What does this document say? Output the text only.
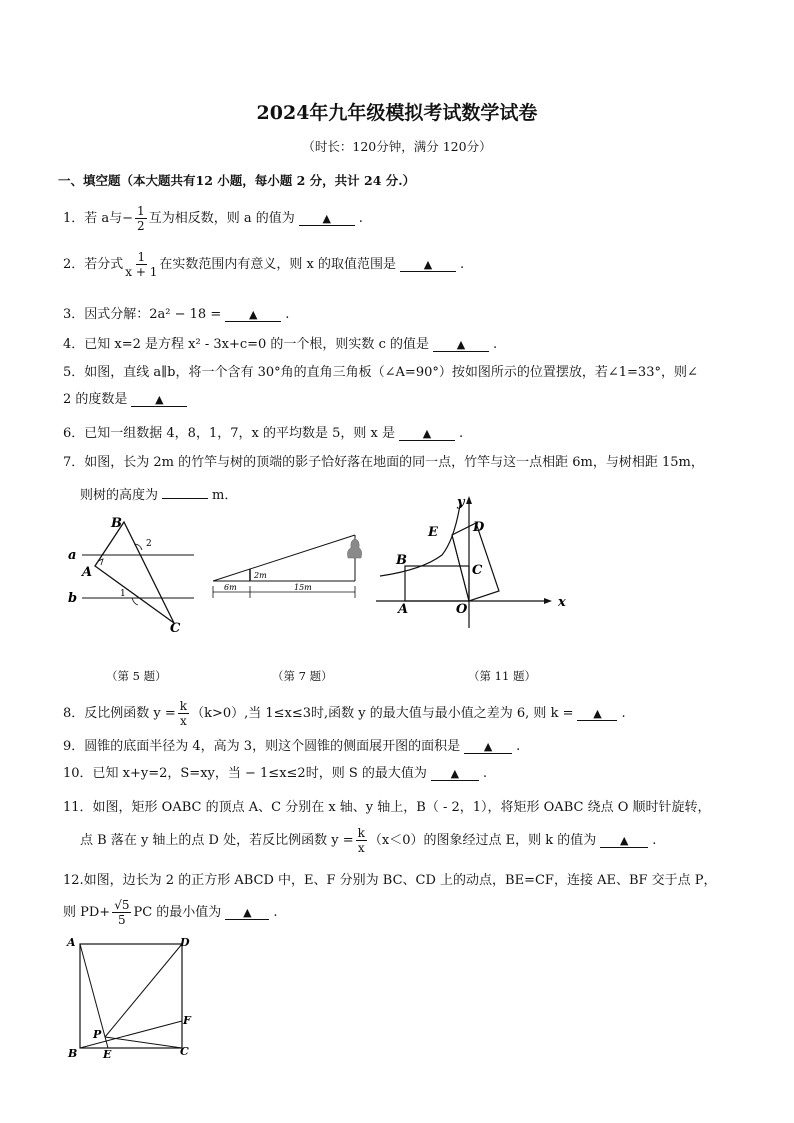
2024年九年级模拟考试数学试卷
（时长：120分钟，满分 120分）
一、填空题（本大题共有12 小题，每小题 2 分，共计 24 分.）
1．若 a与− $\frac{1}{2}$ 互为相反数，则 a 的值为	▲ .
2．若分式 $\frac{1}{x + 1}$ 在实数范围内有意义，则 x 的取值范围是	▲ .
3．因式分解：2a² − 18 =	▲ .
4．已知 x=2 是方程 x² - 3x+c=0 的一个根，则实数 c 的值是	▲ .
5．如图，直线 a∥b，将一个含有 30°角的直角三角板（∠A=90°）按如图所示的位置摆放，若∠1=33°，则∠
2 的度数是	▲
6．已知一组数据 4，8，1，7，x 的平均数是 5，则 x 是	▲ .
7．如图，长为 2m 的竹竿与树的顶端的影子恰好落在地面的同一点，竹竿与这一点相距 6m，与树相距 15m，
则树的高度为	m．
a
b
B
A
C
2
1
2m
6m	15m
x
y
O
A
B
C
D
E
（第 5 题）	（第 7 题）	（第 11 题）
8．反比例函数 $y = \frac{k}{x} (k>0)$,当 1≤x≤3时,函数 y 的最大值与最小值之差为 6, 则 k = ▲ .
9．圆锥的底面半径为 4，高为 3，则这个圆锥的侧面展开图的面积是 ▲ .
10．已知 x+y=2，S=xy，当 − 1≤x≤2时，则 S 的最大值为 ▲ .
11．如图，矩形 OABC 的顶点 A、C 分别在 x 轴、y 轴上，B（ - 2，1），将矩形 OABC 绕点 O 顺时针旋转，
点 B 落在 y 轴上的点 D 处，若反比例函数 $y = \frac{k}{x} (x<0)$的图象经过点 E，则 k 的值为 ▲ .
12.如图，边长为 2 的正方形 ABCD 中，E、F 分别为 BC、CD 上的动点，BE=CF，连接 AE、BF 交于点 P，
则 $PD+ \frac{√5}{5}$ PC 的最小值为 ▲ .
A	D
B	C
E
F
P
